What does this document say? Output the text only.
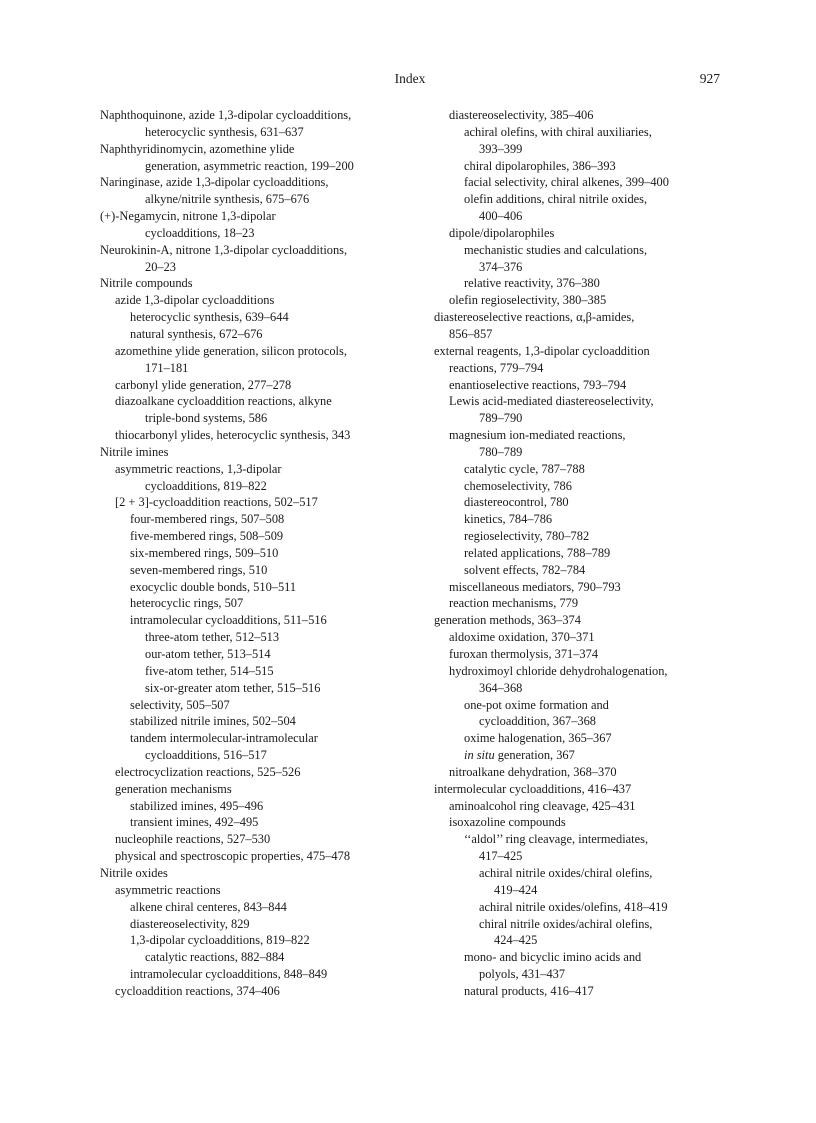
Index	927
Naphthoquinone, azide 1,3-dipolar cycloadditions,
heterocyclic synthesis, 631–637
Naphthyridinomycin, azomethine ylide
generation, asymmetric reaction, 199–200
Naringinase, azide 1,3-dipolar cycloadditions,
alkyne/nitrile synthesis, 675–676
(+)-Negamycin, nitrone 1,3-dipolar
cycloadditions, 18–23
Neurokinin-A, nitrone 1,3-dipolar cycloadditions,
20–23
Nitrile compounds
azide 1,3-dipolar cycloadditions
heterocyclic synthesis, 639–644
natural synthesis, 672–676
azomethine ylide generation, silicon protocols,
171–181
carbonyl ylide generation, 277–278
diazoalkane cycloaddition reactions, alkyne
triple-bond systems, 586
thiocarbonyl ylides, heterocyclic synthesis, 343
Nitrile imines
asymmetric reactions, 1,3-dipolar
cycloadditions, 819–822
[2 + 3]-cycloaddition reactions, 502–517
four-membered rings, 507–508
five-membered rings, 508–509
six-membered rings, 509–510
seven-membered rings, 510
exocyclic double bonds, 510–511
heterocyclic rings, 507
intramolecular cycloadditions, 511–516
three-atom tether, 512–513
our-atom tether, 513–514
five-atom tether, 514–515
six-or-greater atom tether, 515–516
selectivity, 505–507
stabilized nitrile imines, 502–504
tandem intermolecular-intramolecular
cycloadditions, 516–517
electrocyclization reactions, 525–526
generation mechanisms
stabilized imines, 495–496
transient imines, 492–495
nucleophile reactions, 527–530
physical and spectroscopic properties, 475–478
Nitrile oxides
asymmetric reactions
alkene chiral centeres, 843–844
diastereoselectivity, 829
1,3-dipolar cycloadditions, 819–822
catalytic reactions, 882–884
intramolecular cycloadditions, 848–849
cycloaddition reactions, 374–406
diastereoselectivity, 385–406
achiral olefins, with chiral auxiliaries,
393–399
chiral dipolarophiles, 386–393
facial selectivity, chiral alkenes, 399–400
olefin additions, chiral nitrile oxides,
400–406
dipole/dipolarophiles
mechanistic studies and calculations,
374–376
relative reactivity, 376–380
olefin regioselectivity, 380–385
diastereoselective reactions, α,β-amides,
856–857
external reagents, 1,3-dipolar cycloaddition
reactions, 779–794
enantioselective reactions, 793–794
Lewis acid-mediated diastereoselectivity,
789–790
magnesium ion-mediated reactions,
780–789
catalytic cycle, 787–788
chemoselectivity, 786
diastereocontrol, 780
kinetics, 784–786
regioselectivity, 780–782
related applications, 788–789
solvent effects, 782–784
miscellaneous mediators, 790–793
reaction mechanisms, 779
generation methods, 363–374
aldoxime oxidation, 370–371
furoxan thermolysis, 371–374
hydroximoyl chloride dehydrohalogenation,
364–368
one-pot oxime formation and
cycloaddition, 367–368
oxime halogenation, 365–367
in situ generation, 367
nitroalkane dehydration, 368–370
intermolecular cycloadditions, 416–437
aminoalcohol ring cleavage, 425–431
isoxazoline compounds
‘‘aldol’’ ring cleavage, intermediates,
417–425
achiral nitrile oxides/chiral olefins,
419–424
achiral nitrile oxides/olefins, 418–419
chiral nitrile oxides/achiral olefins,
424–425
mono- and bicyclic imino acids and
polyols, 431–437
natural products, 416–417
